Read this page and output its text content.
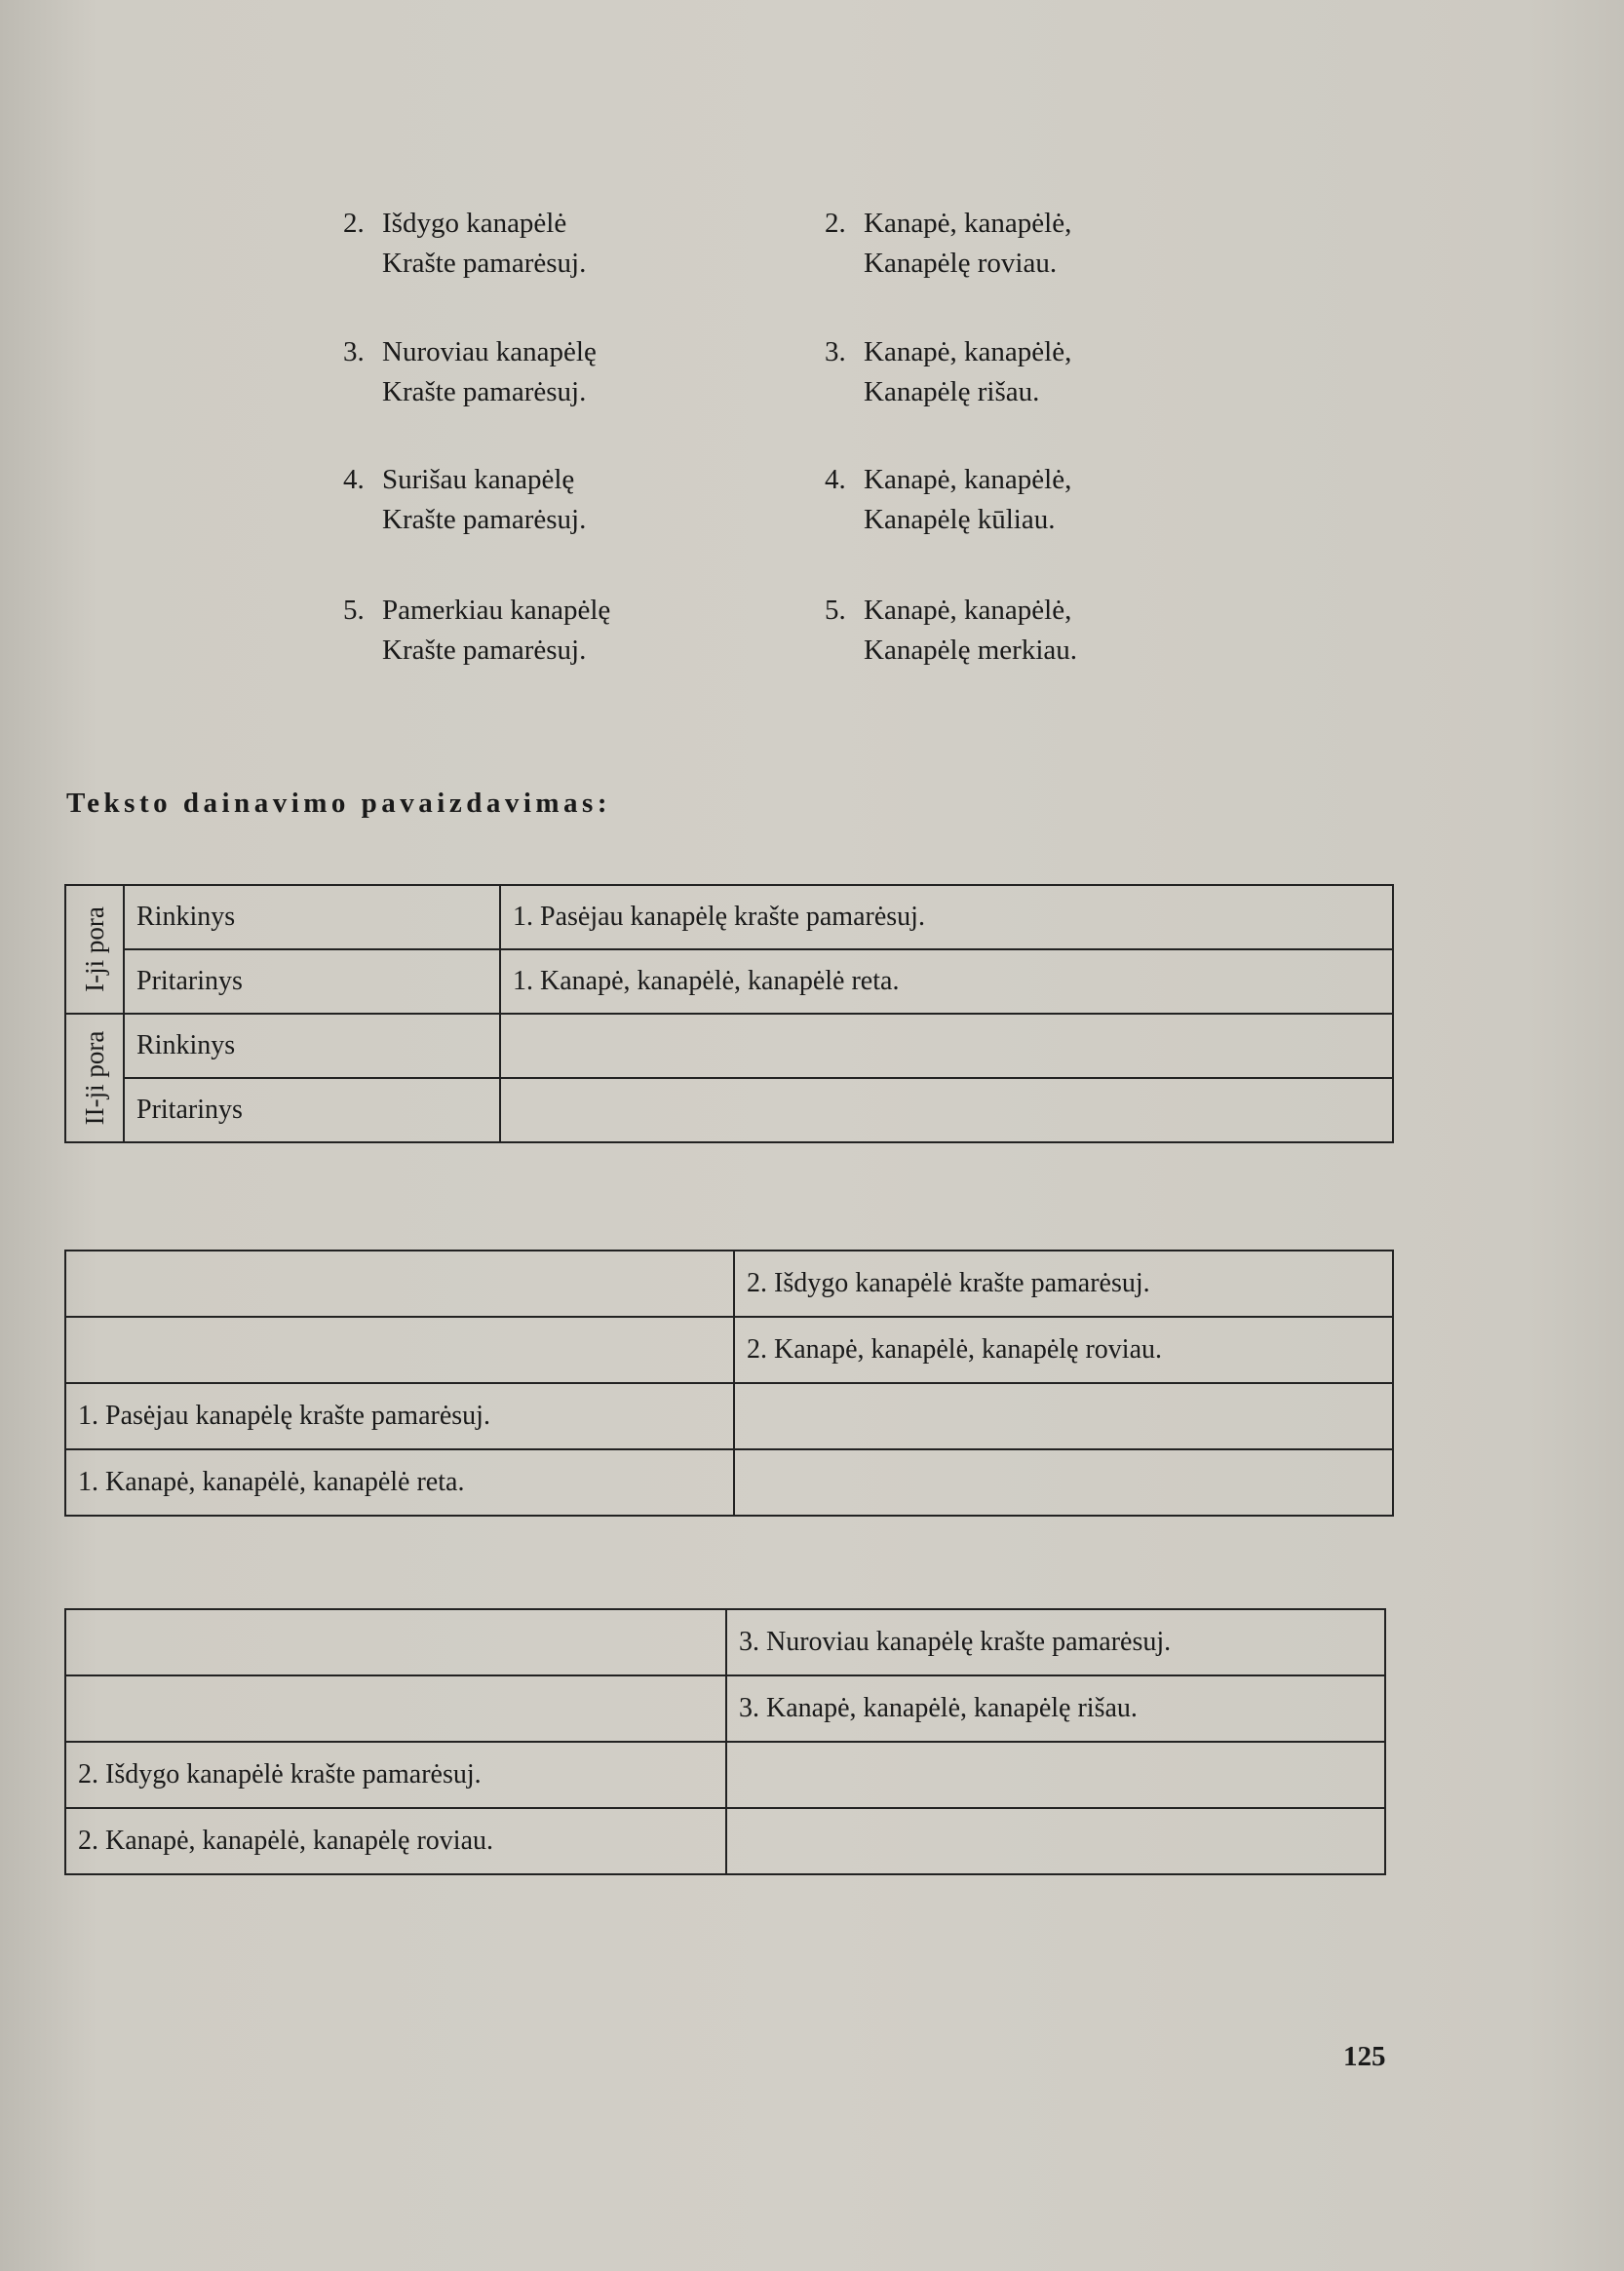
2. Išdygo kanapėlė
Krašte pamarėsuj.
3. Nuroviau kanapėlę
Krašte pamarėsuj.
4. Surišau kanapėlę
Krašte pamarėsuj.
5. Pamerkiau kanapėlę
Krašte pamarėsuj.
2. Kanapė, kanapėlė,
Kanapėlę roviau.
3. Kanapė, kanapėlė,
Kanapėlę rišau.
4. Kanapė, kanapėlė,
Kanapėlę kūliau.
5. Kanapė, kanapėlė,
Kanapėlę merkiau.
Teksto dainavimo pavaizdavimas:
I-ji pora	Rinkinys	1. Pasėjau kanapėlę krašte pamarėsuj.
	Pritarinys	1. Kanapė, kanapėlė, kanapėlė reta.

II-ji pora	Rinkinys	
	Pritarinys	
	2. Išdygo kanapėlė krašte pamarėsuj.
	2. Kanapė, kanapėlė, kanapėlę roviau.
1. Pasėjau kanapėlę krašte pamarėsuj.	
1. Kanapė, kanapėlė, kanapėlė reta.	
	3. Nuroviau kanapėlę krašte pamarėsuj.
	3. Kanapė, kanapėlė, kanapėlę rišau.
2. Išdygo kanapėlė krašte pamarėsuj.	
2. Kanapė, kanapėlė, kanapėlę roviau.	
125
